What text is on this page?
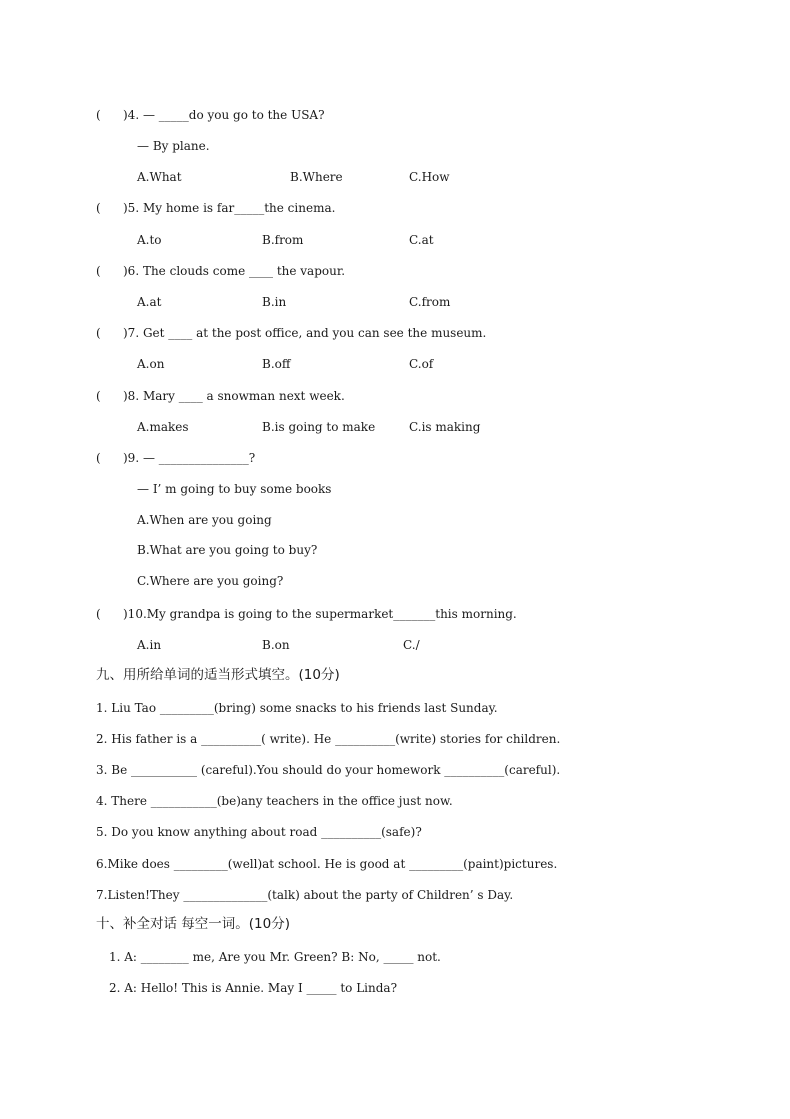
( )4. — _____do you go to the USA?
— By plane.
A.What	B.Where	C.How
( )5. My home is far_____the cinema.
A.to	B.from	C.at
( )6. The clouds come ____ the vapour.
A.at	B.in	C.from
( )7. Get ____ at the post office, and you can see the museum.
A.on	B.off	C.of
( )8. Mary ____ a snowman next week.
A.makes	B.is going to make	C.is making
( )9. — _______________?
— I’ m going to buy some books
A.When are you going
B.What are you going to buy?
C.Where are you going?
( )10.My grandpa is going to the supermarket_______this morning.
A.in	B.on	C./
九、用所给单词的适当形式填空。(10分)
1. Liu Tao _________(bring) some snacks to his friends last Sunday.
2. His father is a __________( write). He __________(write) stories for children.
3. Be ___________ (careful).You should do your homework __________(careful).
4. There ___________(be)any teachers in the office just now.
5. Do you know anything about road __________(safe)?
6.Mike does _________(well)at school. He is good at _________(paint)pictures.
7.Listen!They ______________(talk) about the party of Children’ s Day.
十、补全对话 每空一词。(10分)
1. A: ________ me, Are you Mr. Green? B: No, _____ not.
2. A: Hello! This is Annie. May I _____ to Linda?
